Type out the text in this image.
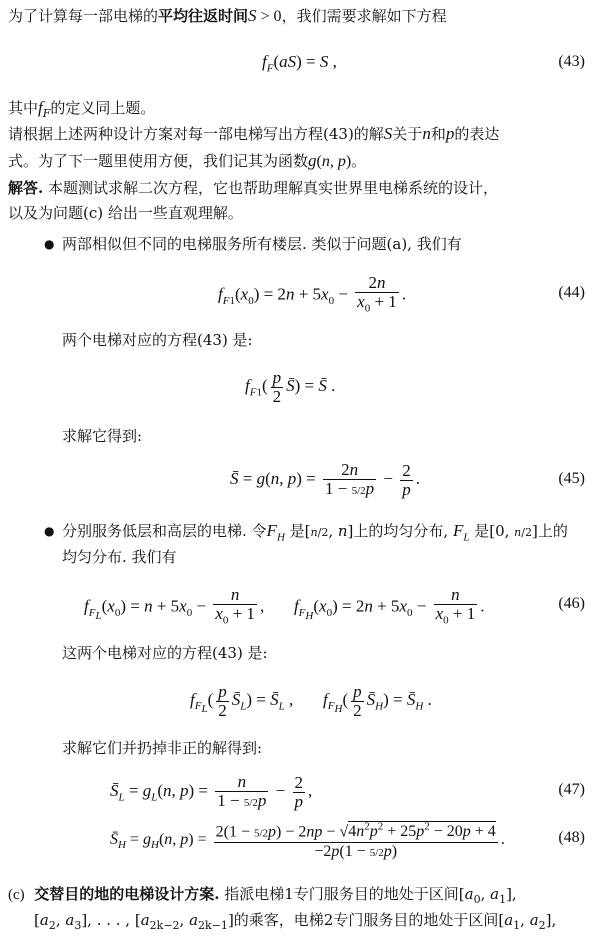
为了计算每一部电梯的平均往返时间S > 0，我们需要求解如下方程
$f_F(aS) = S$ ,	(43)
其中$f_F$的定义同上题。
请根据上述两种设计方案对每一部电梯写出方程(43)的解S关于n和p的表达
式。为了下一题里使用方便，我们记其为函数g(n, p)。
解答. 本题测试求解二次方程，它也帮助理解真实世界里电梯系统的设计，
以及为问题(c) 给出一些直观理解。
● 两部相似但不同的电梯服务所有楼层. 类似于问题(a), 我们有
$f_{F1}(x_0) = 2n + 5x_0 - \frac{2n}{x_0 + 1}$ .	(44)
两个电梯对应的方程(43) 是:
$f_{F1}( \frac{p}{2}$ S̄) = S̄ .
求解它得到:
S̄ = g(n, $p) = \frac{2n}{1 - 5/2p} - \frac{2}{p}$ .	(45)
● 分别服务低层和高层的电梯. 令$F_H$ 是[n/2, n]上的均匀分布, $F_L$ 是[0, n/2]上的
均匀分布. 我们有
$f_{F_L}(x_0) = n + 5x_0 - \frac{n}{x_0 + 1}$ ,       $f_{F_H}(x_0) = 2n + 5x_0 - \frac{n}{x_0 + 1}$ .	(46)
这两个电梯对应的方程(43) 是:
$f_{F_L}( \frac{p}{2}$ $S̄_L$) = $S̄_L$ ,       $f_{F_H}( \frac{p}{2}$ $S̄_H$) = $S̄_H$ .
求解它们并扔掉非正的解得到:
$S̄_L = g_L(n$, $p) = \frac{n}{1 - 5/2p} - \frac{2}{p}$ ,	(47)
$S̄_H = g_H(n$, $p) = \frac{2(1 - 5/2p) - 2np - √4n^2p^2 + 25p^2 - 20p + 4}{-2p(1 - 5/2p)}$ .	(48)
(c) 交替目的地的电梯设计方案. 指派电梯1专门服务目的地处于区间[$a_0$, $a_1$],
[$a_2$, $a_3$], . . . , [$a_{2k-2}$, $a_{2k-1}$]的乘客，电梯2专门服务目的地处于区间[$a_1$, $a_2$],
